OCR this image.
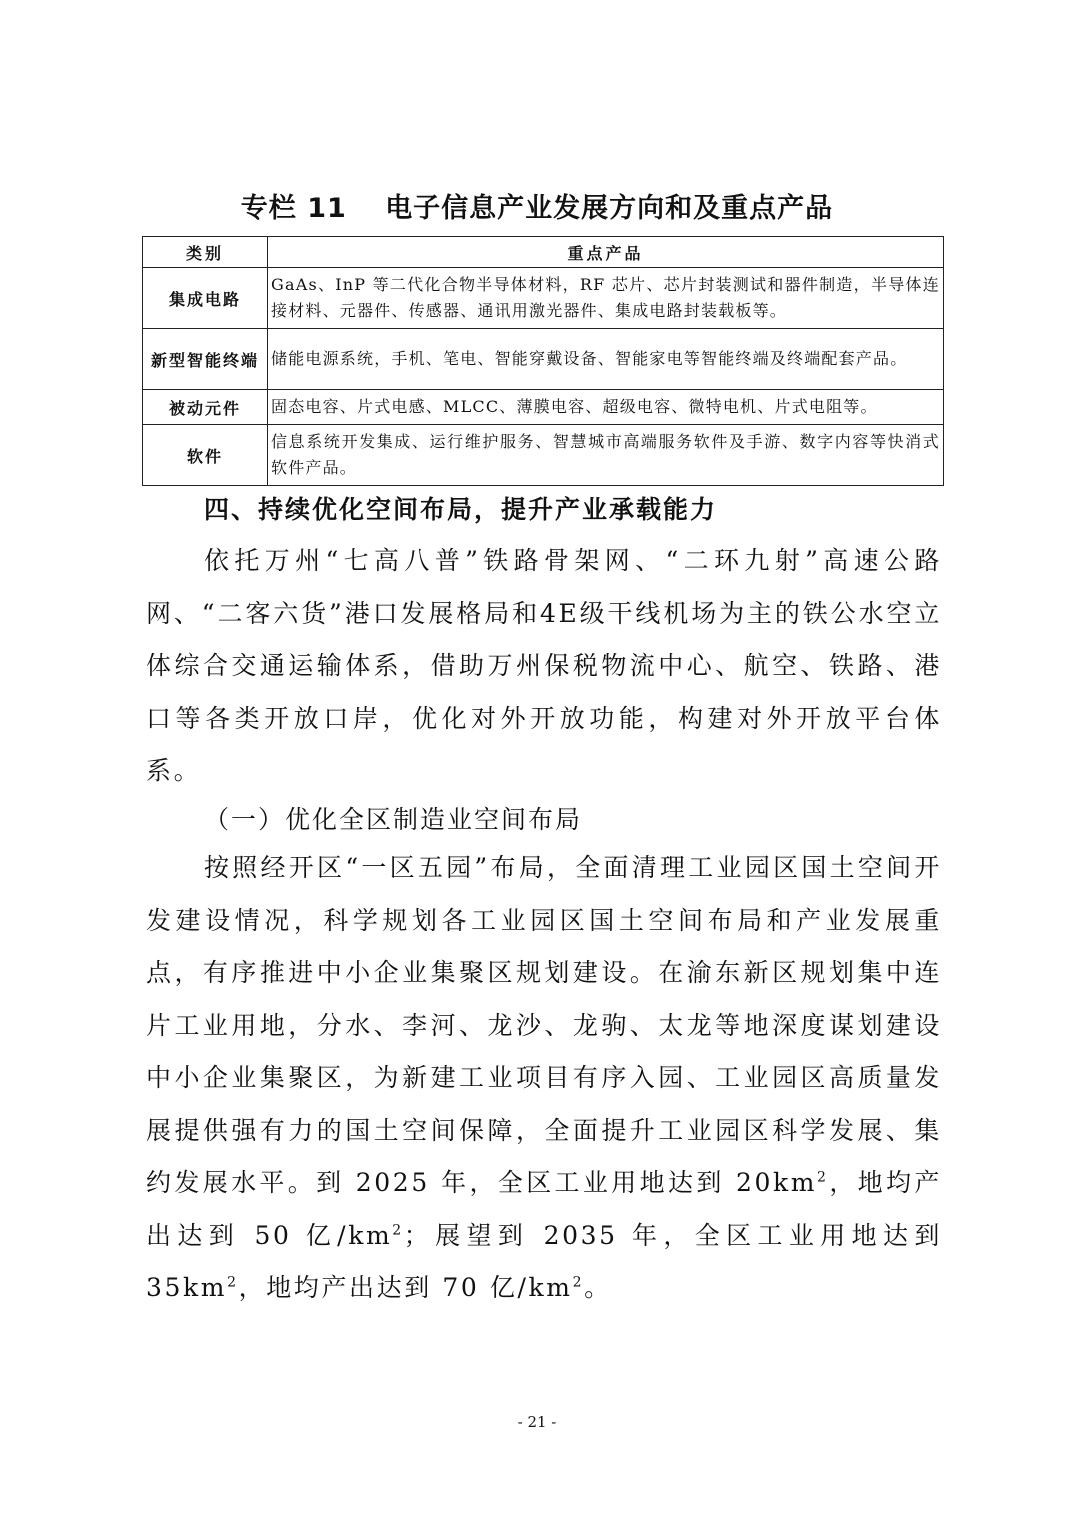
专栏 11 电子信息产业发展方向和及重点产品
类别	重点产品
集成电路	GaAs、InP 等二代化合物半导体材料，RF 芯片、芯片封装测试和器件制造，半导体连接材料、元器件、传感器、通讯用激光器件、集成电路封装载板等。
新型智能终端	储能电源系统，手机、笔电、智能穿戴设备、智能家电等智能终端及终端配套产品。
被动元件	固态电容、片式电感、MLCC、薄膜电容、超级电容、微特电机、片式电阻等。
软件	信息系统开发集成、运行维护服务、智慧城市高端服务软件及手游、数字内容等快消式软件产品。
四、持续优化空间布局，提升产业承载能力

依托万州“七高八普”铁路骨架网、“二环九射”高速公路网、“二客六货”港口发展格局和4E级干线机场为主的铁公水空立体综合交通运输体系，借助万州保税物流中心、航空、铁路、港口等各类开放口岸，优化对外开放功能，构建对外开放平台体系。

（一）优化全区制造业空间布局

按照经开区“一区五园”布局，全面清理工业园区国土空间开发建设情况，科学规划各工业园区国土空间布局和产业发展重点，有序推进中小企业集聚区规划建设。在渝东新区规划集中连片工业用地，分水、李河、龙沙、龙驹、太龙等地深度谋划建设中小企业集聚区，为新建工业项目有序入园、工业园区高质量发展提供强有力的国土空间保障，全面提升工业园区科学发展、集约发展水平。到 2025 年，全区工业用地达到 $20km^2$，地均产出达到 50 亿$/km^2$；展望到 2035 年，全区工业用地达到 $35km^2$，地均产出达到 70 亿$/km^2$。

- 21 -
